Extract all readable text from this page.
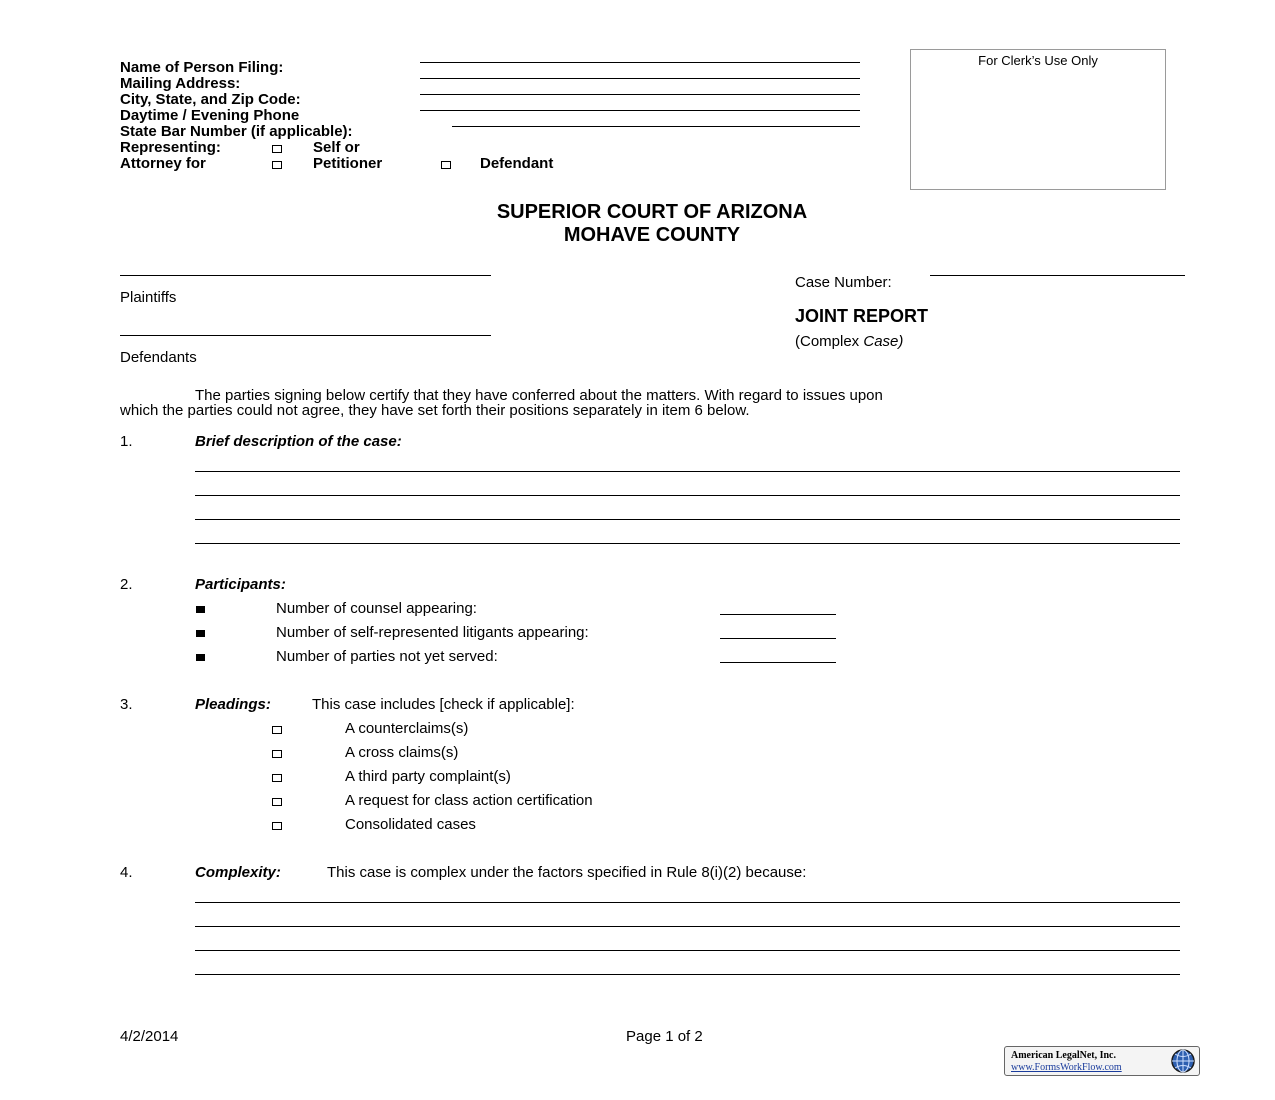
Name of Person Filing:
Mailing Address:
City, State, and Zip Code:
Daytime / Evening Phone
State Bar Number (if applicable):
Representing:	Self or
Attorney for	Petitioner	Defendant
For Clerk’s Use Only
SUPERIOR COURT OF ARIZONA
MOHAVE COUNTY
Plaintiffs
Defendants
Case Number:
JOINT REPORT
(Complex Case)
The parties signing below certify that they have conferred about the matters. With regard to issues upon
which the parties could not agree, they have set forth their positions separately in item 6 below.
1.	Brief description of the case:
2.	Participants:
Number of counsel appearing:
Number of self-represented litigants appearing:
Number of parties not yet served:
3.	Pleadings:	This case includes [check if applicable]:
A counterclaims(s)
A cross claims(s)
A third party complaint(s)
A request for class action certification
Consolidated cases
4.	Complexity:	This case is complex under the factors specified in Rule 8(i)(2) because:
4/2/2014	Page 1 of 2
American LegalNet, Inc.
www.FormsWorkFlow.com
